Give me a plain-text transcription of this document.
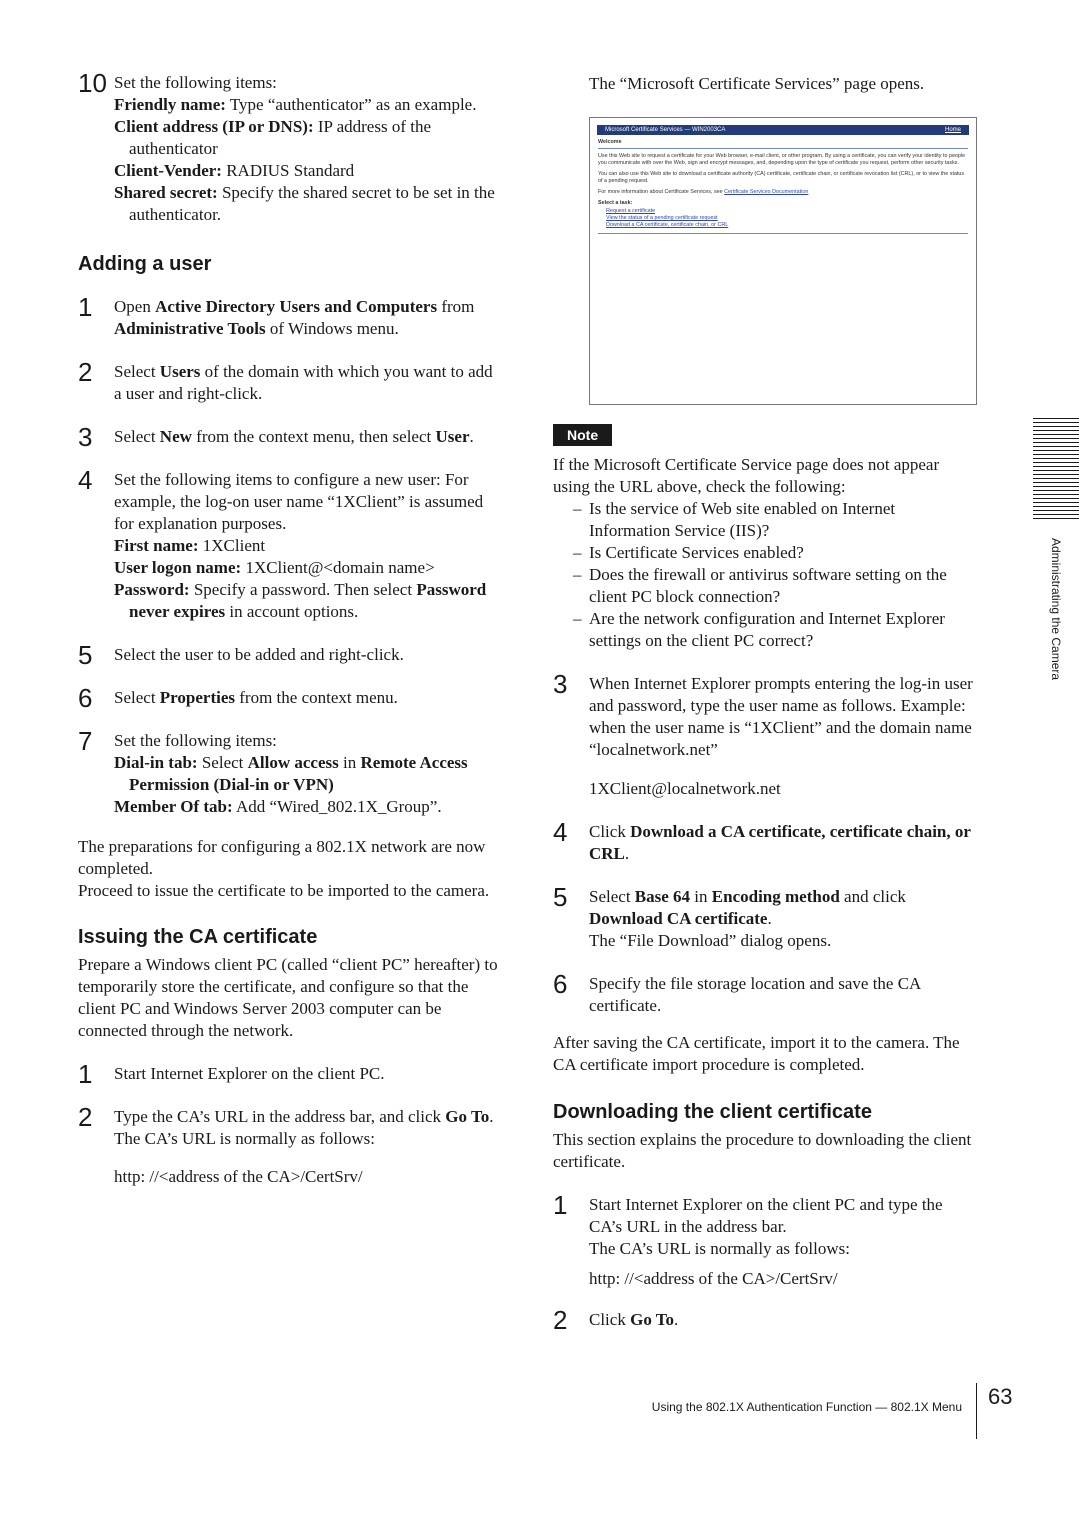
10 Set the following items:

Friendly name: Type “authenticator” as an example.

Client address (IP or DNS): IP address of the authenticator

Client-Vender: RADIUS Standard

Shared secret: Specify the shared secret to be set in the authenticator.

Adding a user
1 Open Active Directory Users and Computers from Administrative Tools of Windows menu.

2 Select Users of the domain with which you want to add a user and right-click.

3 Select New from the context menu, then select User.

4 Set the following items to configure a new user: For example, the log-on user name “1XClient” is assumed for explanation purposes.

First name: 1XClient

User logon name: 1XClient@<domain name>

Password: Specify a password. Then select Password never expires in account options.

5 Select the user to be added and right-click.

6 Select Properties from the context menu.

7 Set the following items:

Dial-in tab: Select Allow access in Remote Access Permission (Dial-in or VPN)

Member Of tab: Add “Wired_802.1X_Group”.

The preparations for configuring a 802.1X network are now completed.

Proceed to issue the certificate to be imported to the camera.

Issuing the CA certificate

Prepare a Windows client PC (called “client PC” hereafter) to temporarily store the certificate, and configure so that the client PC and Windows Server 2003 computer can be connected through the network.

1 Start Internet Explorer on the client PC.

2 Type the CA’s URL in the address bar, and click Go To.

The CA’s URL is normally as follows:

http: //<address of the CA>/CertSrv/

The “Microsoft Certificate Services” page opens.

Microsoft Certificate Services — WIN2003CA	Home

Welcome

Use this Web site to request a certificate for your Web browser, e-mail client, or other program. By using a certificate, you can verify your identity to people you communicate with over the Web, sign and encrypt messages, and, depending upon the type of certificate you request, perform other security tasks.

You can also use this Web site to download a certificate authority (CA) certificate, certificate chain, or certificate revocation list (CRL), or to view the status of a pending request.

For more information about Certificate Services, see Certificate Services Documentation

Select a task:

Request a certificate
View the status of a pending certificate request
Download a CA certificate, certificate chain, or CRL
Note

If the Microsoft Certificate Service page does not appear using the URL above, check the following:

– Is the service of Web site enabled on Internet Information Service (IIS)?

– Is Certificate Services enabled?

– Does the firewall or antivirus software setting on the client PC block connection?

– Are the network configuration and Internet Explorer settings on the client PC correct?

3 When Internet Explorer prompts entering the log-in user and password, type the user name as follows. Example: when the user name is “1XClient” and the domain name “localnetwork.net”

1XClient@localnetwork.net

4 Click Download a CA certificate, certificate chain, or CRL.

5 Select Base 64 in Encoding method and click Download CA certificate.

The “File Download” dialog opens.

6 Specify the file storage location and save the CA certificate.

After saving the CA certificate, import it to the camera. The CA certificate import procedure is completed.

Downloading the client certificate

This section explains the procedure to downloading the client certificate.

1 Start Internet Explorer on the client PC and type the CA’s URL in the address bar.

The CA’s URL is normally as follows:

http: //<address of the CA>/CertSrv/

2 Click Go To.

Administrating the Camera
Using the 802.1X Authentication Function — 802.1X Menu 63
